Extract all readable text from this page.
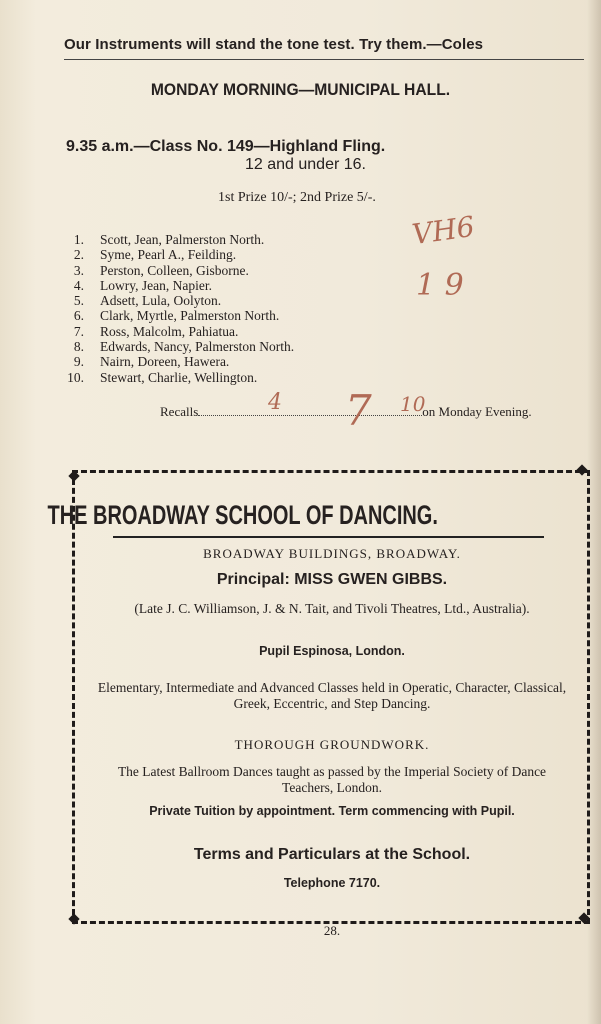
Our Instruments will stand the tone test. Try them.—Coles
MONDAY MORNING—MUNICIPAL HALL.
9.35 a.m.—Class No. 149—Highland Fling.
12 and under 16.
1st Prize 10/-; 2nd Prize 5/-.
1. Scott, Jean, Palmerston North.
2. Syme, Pearl A., Feilding.
3. Perston, Colleen, Gisborne.
4. Lowry, Jean, Napier.
5. Adsett, Lula, Oolyton.
6. Clark, Myrtle, Palmerston North.
7. Ross, Malcolm, Pahiatua.
8. Edwards, Nancy, Palmerston North.
9. Nairn, Doreen, Hawera.
10. Stewart, Charlie, Wellington.
Recalls	on Monday Evening.
VH6
1 9
4 7 10
THE BROADWAY SCHOOL OF DANCING.
BROADWAY BUILDINGS, BROADWAY.
Principal: MISS GWEN GIBBS.
(Late J. C. Williamson, J. & N. Tait, and Tivoli Theatres, Ltd., Australia).
Pupil Espinosa, London.
Elementary, Intermediate and Advanced Classes held in Operatic, Character, Classical, Greek, Eccentric, and Step Dancing.
THOROUGH GROUNDWORK.
The Latest Ballroom Dances taught as passed by the Imperial Society of Dance Teachers, London.
Private Tuition by appointment. Term commencing with Pupil.
Terms and Particulars at the School.
Telephone 7170.
28.
